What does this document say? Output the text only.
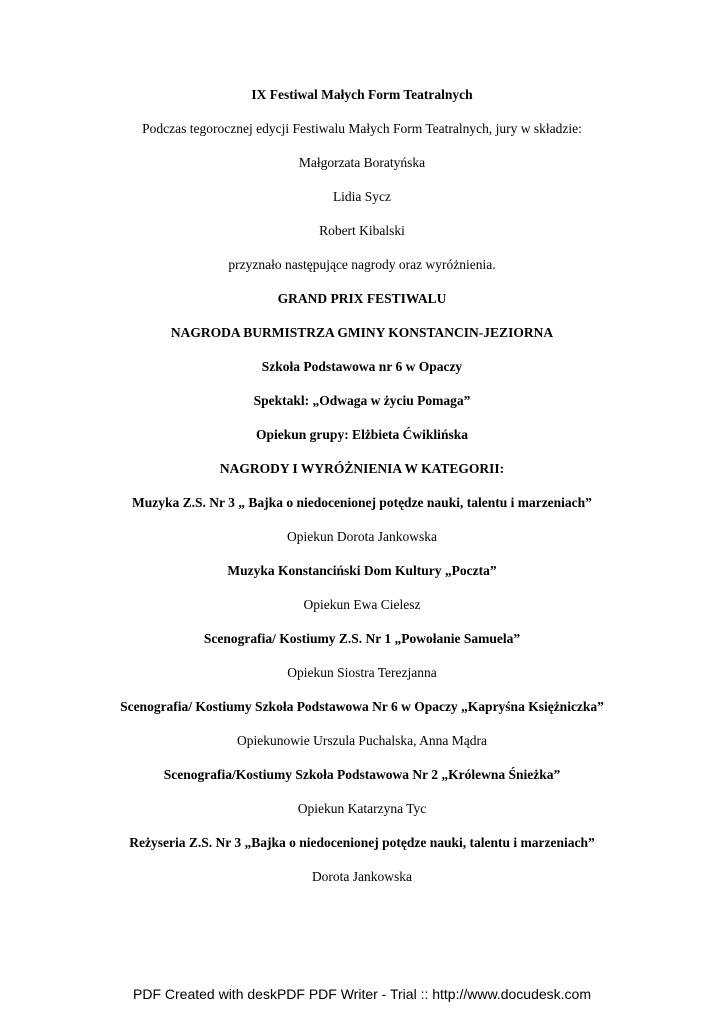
IX Festiwal Małych Form Teatralnych

Podczas tegorocznej edycji Festiwalu Małych Form Teatralnych, jury w składzie:

Małgorzata Boratyńska

Lidia Sycz

Robert Kibalski

przyznało następujące nagrody oraz wyróżnienia.

GRAND PRIX FESTIWALU

NAGRODA BURMISTRZA GMINY KONSTANCIN-JEZIORNA

Szkoła Podstawowa nr 6 w Opaczy

Spektakl: „Odwaga w życiu Pomaga”

Opiekun grupy: Elżbieta Ćwiklińska

NAGRODY I WYRÓŻNIENIA W KATEGORII:

Muzyka Z.S. Nr 3 „ Bajka o niedocenionej potędze nauki, talentu i marzeniach”

Opiekun Dorota Jankowska

Muzyka Konstanciński Dom Kultury „Poczta”

Opiekun Ewa Cielesz

Scenografia/ Kostiumy Z.S. Nr 1 „Powołanie Samuela”

Opiekun Siostra Terezjanna

Scenografia/ Kostiumy Szkoła Podstawowa Nr 6 w Opaczy „Kapryśna Księżniczka”

Opiekunowie Urszula Puchalska, Anna Mądra

Scenografia/Kostiumy Szkoła Podstawowa Nr 2 „Królewna Śnieżka”

Opiekun Katarzyna Tyc

Reżyseria Z.S. Nr 3 „Bajka o niedocenionej potędze nauki, talentu i marzeniach”

Dorota Jankowska

PDF Created with deskPDF PDF Writer - Trial :: http://www.docudesk.com
